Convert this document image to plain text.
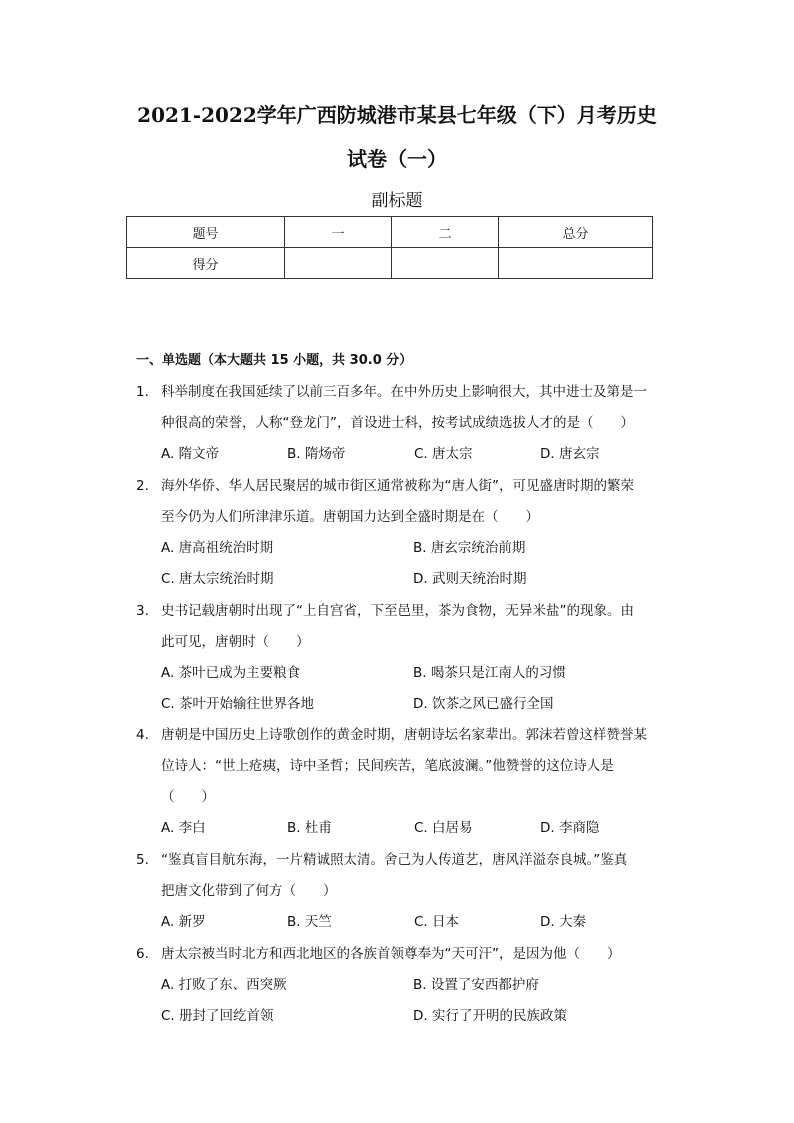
2021-2022学年广西防城港市某县七年级（下）月考历史
试卷（一）
副标题
题号	一	二	总分
得分			
一、单选题（本大题共 15 小题，共 30.0 分）
1. 科举制度在我国延续了以前三百多年。在中外历史上影响很大，其中进士及第是一
种很高的荣誉，人称“登龙门”，首设进士科，按考试成绩选拔人才的是（　　）
A. 隋文帝	B. 隋炀帝	C. 唐太宗	D. 唐玄宗
2. 海外华侨、华人居民聚居的城市街区通常被称为“唐人街”，可见盛唐时期的繁荣
至今仍为人们所津津乐道。唐朝国力达到全盛时期是在（　　）
A. 唐高祖统治时期	B. 唐玄宗统治前期
C. 唐太宗统治时期	D. 武则天统治时期
3. 史书记载唐朝时出现了“上自宫省，下至邑里，茶为食物，无异米盐”的现象。由
此可见，唐朝时（　　）
A. 茶叶已成为主要粮食	B. 喝茶只是江南人的习惯
C. 茶叶开始输往世界各地	D. 饮茶之风已盛行全国
4. 唐朝是中国历史上诗歌创作的黄金时期，唐朝诗坛名家辈出。郭沫若曾这样赞誉某
位诗人：“世上疮痍，诗中圣哲；民间疾苦，笔底波澜。”他赞誉的这位诗人是
（　　）
A. 李白	B. 杜甫	C. 白居易	D. 李商隐
5. “鉴真盲目航东海，一片精诚照太清。舍己为人传道艺，唐风洋溢奈良城。”鉴真
把唐文化带到了何方（　　）
A. 新罗	B. 天竺	C. 日本	D. 大秦
6. 唐太宗被当时北方和西北地区的各族首领尊奉为“天可汗”，是因为他（　　）
A. 打败了东、西突厥	B. 设置了安西都护府
C. 册封了回纥首领	D. 实行了开明的民族政策
